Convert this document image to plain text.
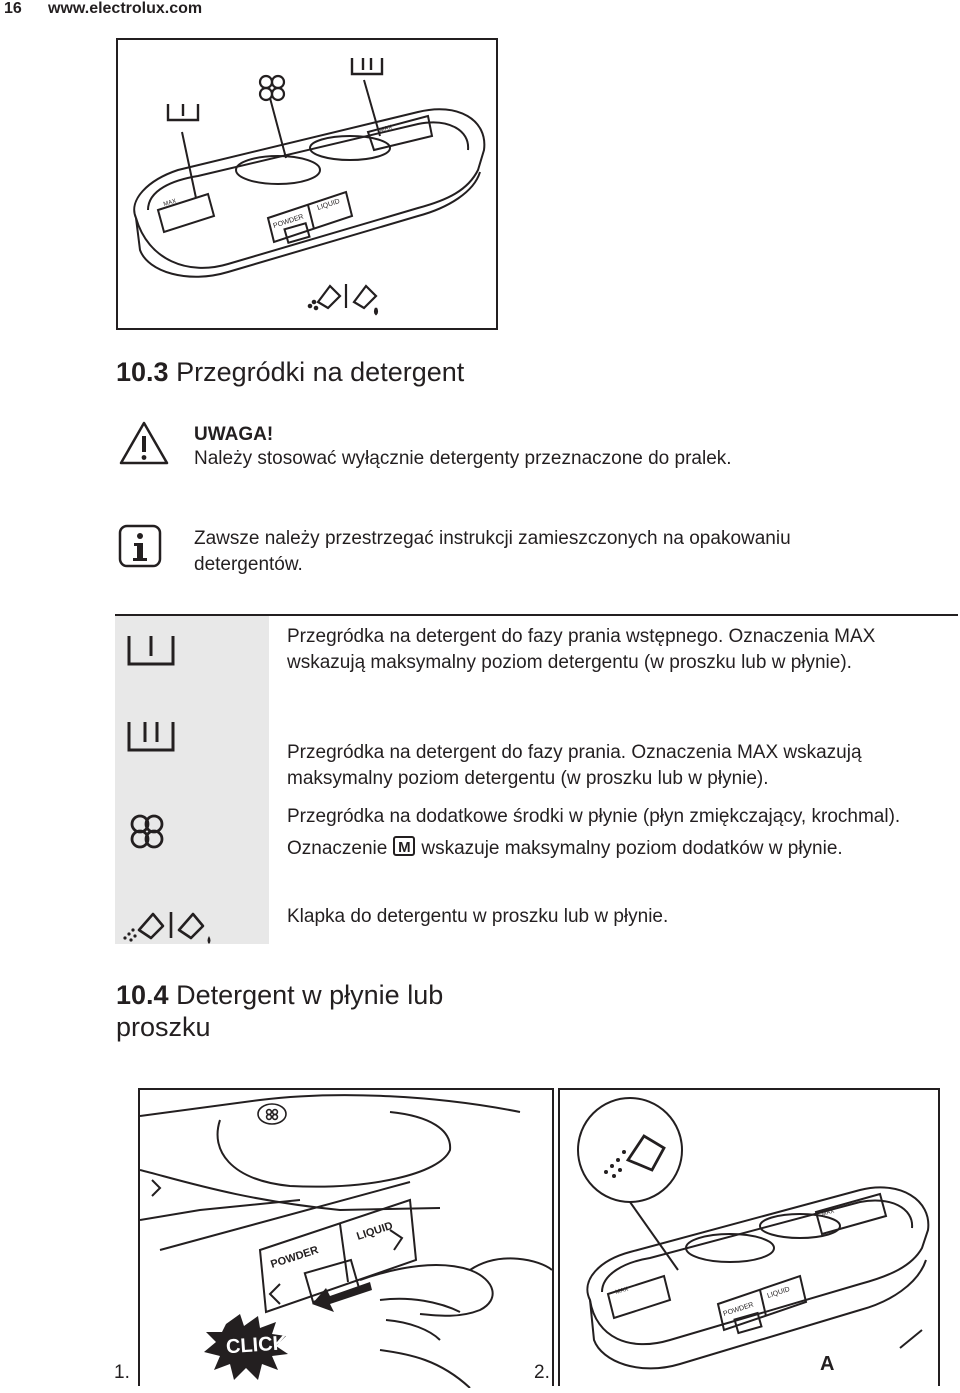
16 www.electrolux.com
MAX
MAX
POWDER
LIQUID
10.3 Przegródki na detergent
UWAGA!
Należy stosować wyłącznie detergenty przeznaczone do pralek.
Zawsze należy przestrzegać instrukcji zamieszczonych na opakowaniu detergentów.
Przegródka na detergent do fazy prania wstępnego. Oznaczenia MAX wskazują maksymalny poziom detergentu (w proszku lub w płynie).
Przegródka na detergent do fazy prania. Oznaczenia MAX wskazują maksymalny poziom detergentu (w proszku lub w płynie).
Przegródka na dodatkowe środki w płynie (płyn zmiękczający, krochmal).
Oznaczenie M wskazuje maksymalny poziom dodatków w płynie.
Klapka do detergentu w proszku lub w płynie.
10.4 Detergent w płynie lub proszku
CLICK
POWDER
LIQUID
1.
MAX
MAX
POWDER
LIQUID
A
2.
